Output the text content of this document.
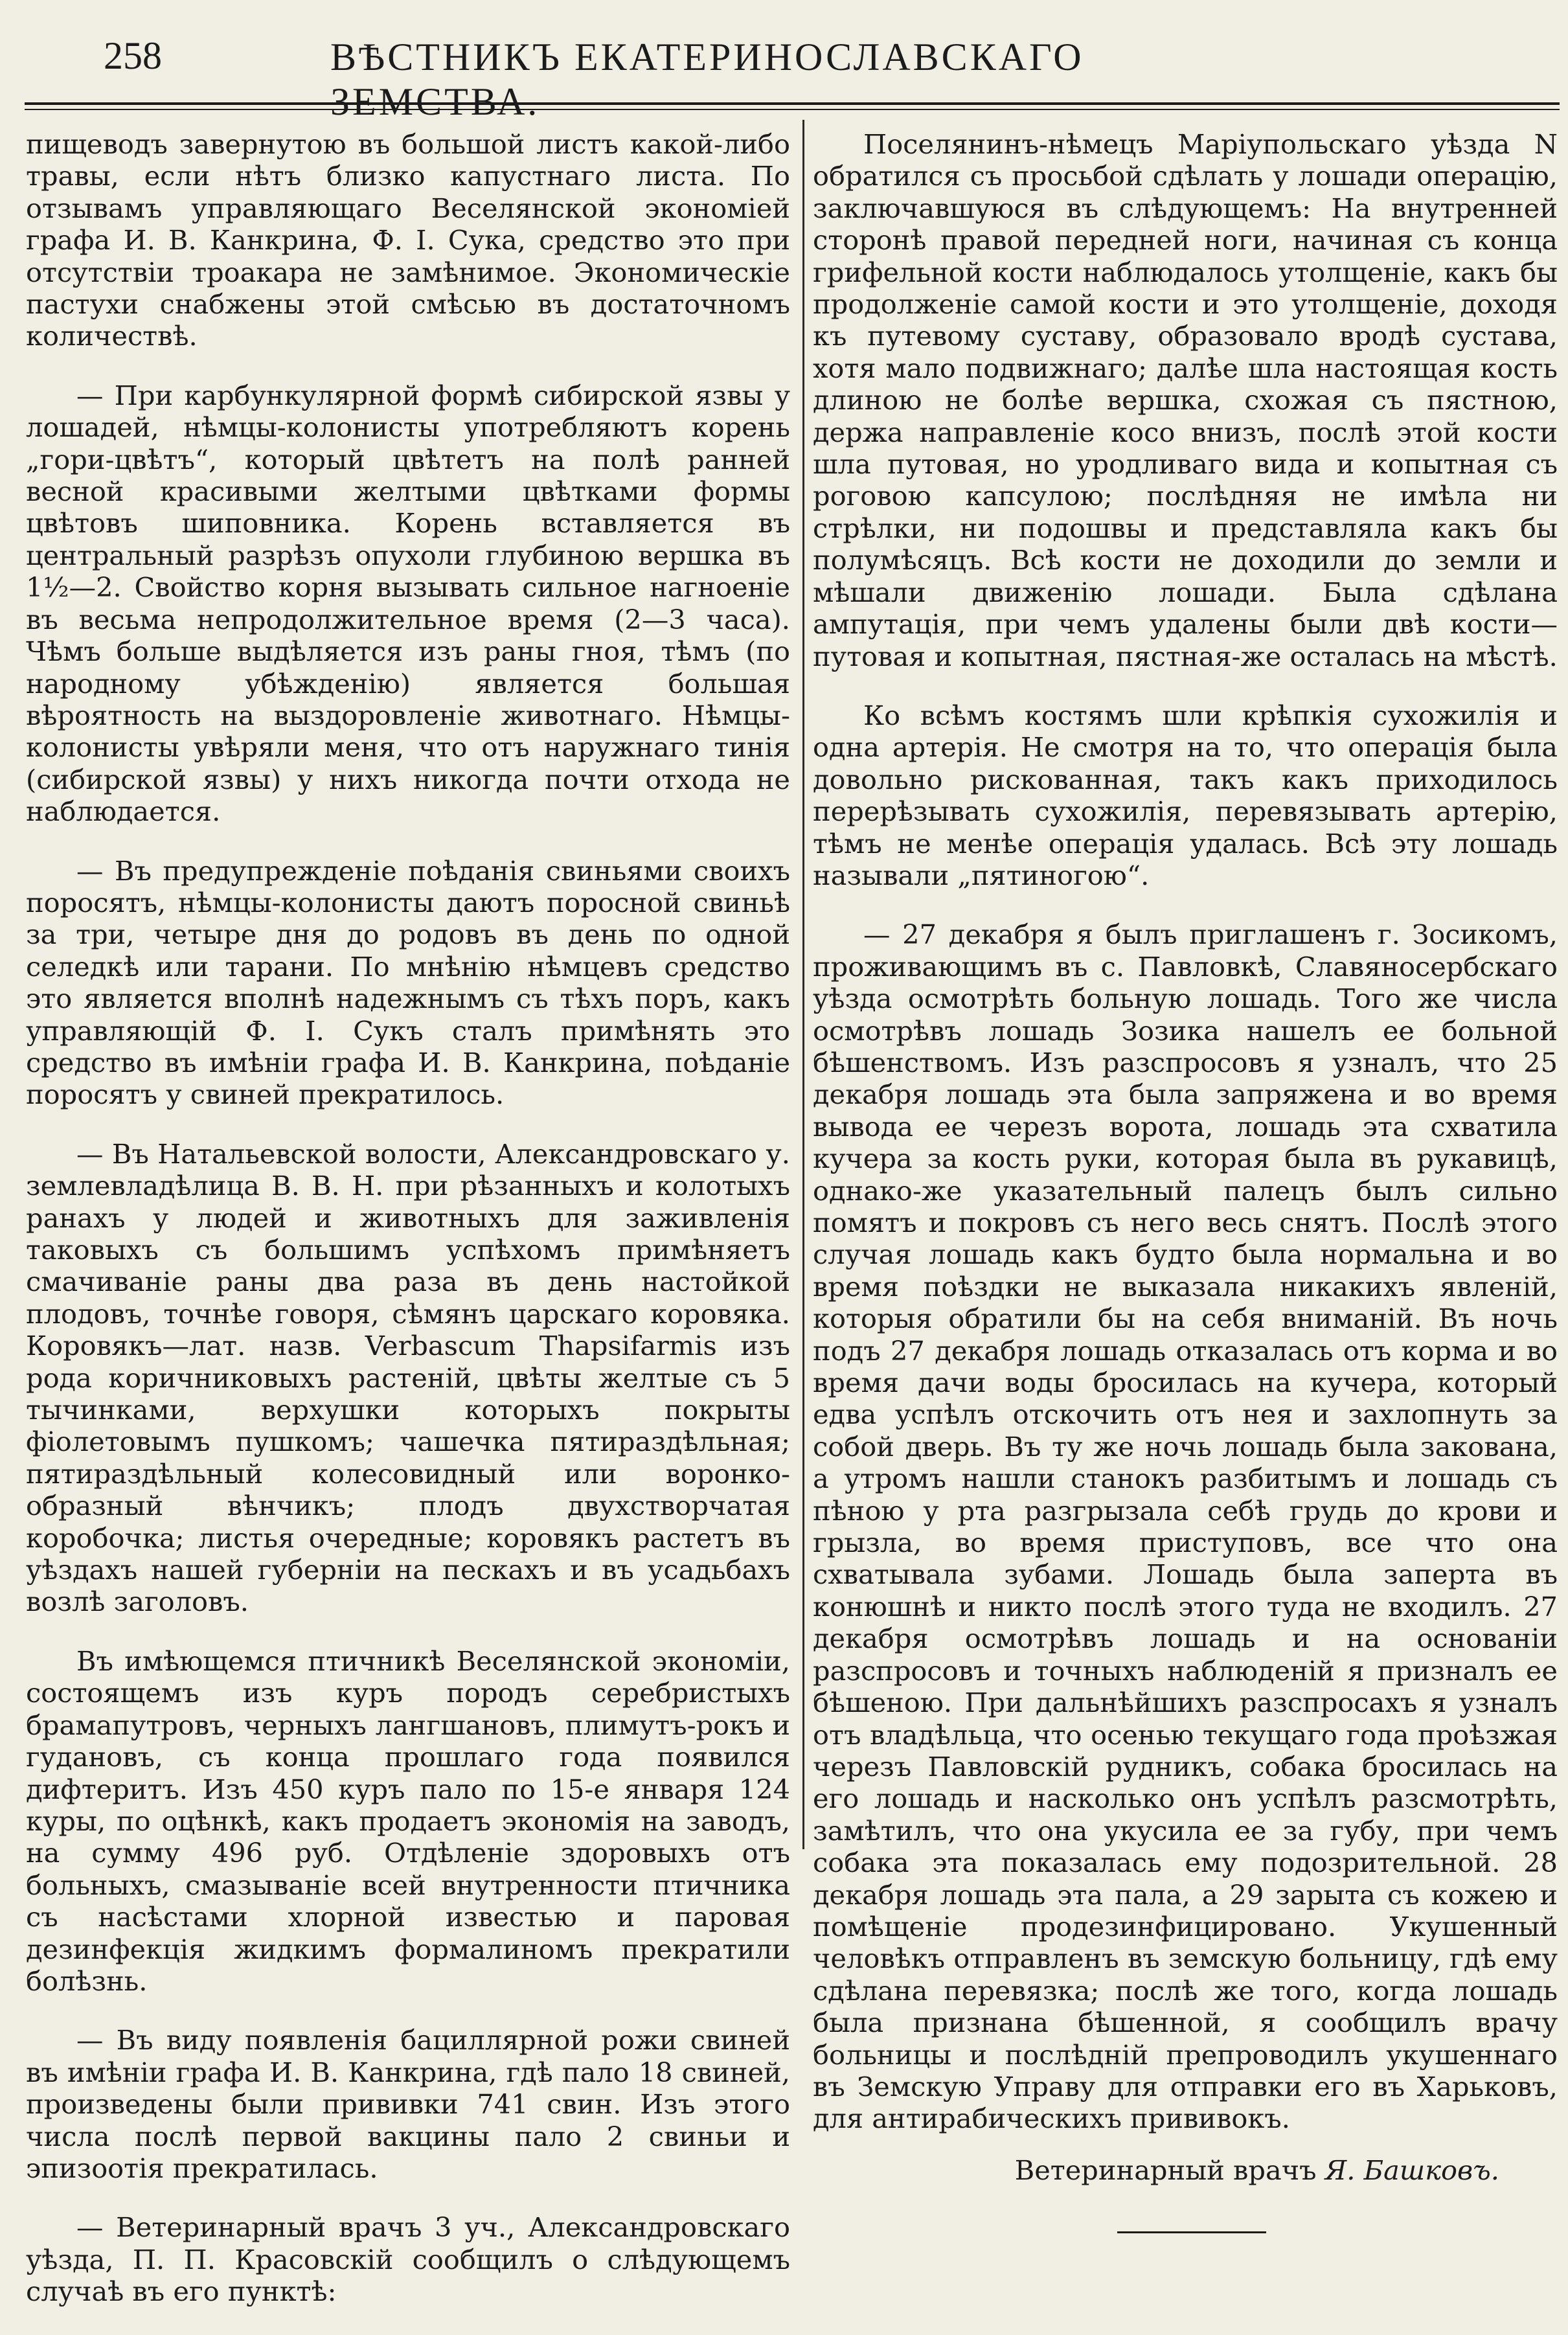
258	ВѢСТНИКЪ ЕКАТЕРИНОСЛАВСКАГО ЗЕМСТВА.

пищеводъ завернутою въ большой листъ какой-либо травы, если нѣтъ близко капустнаго листа. По отзывамъ управляющаго Веселянской экономіей графа И. В. Канкрина, Ф. І. Сука, средство это при отсутствіи троакара не замѣнимое. Экономическіе пастухи снабжены этой смѣсью въ достаточномъ количествѣ.

— При карбункулярной формѣ сибирской язвы у лошадей, нѣмцы-колонисты употребляютъ корень „гори-цвѣтъ“, который цвѣтетъ на полѣ ранней весной красивыми желтыми цвѣтками формы цвѣтовъ шиповника. Корень вставляется въ центральный разрѣзъ опухоли глубиною вершка въ 1½—2. Свойство корня вызывать сильное нагноеніе въ весьма непродолжительное время (2—3 часа). Чѣмъ больше выдѣляется изъ раны гноя, тѣмъ (по народному убѣжденію) является большая вѣроятность на выздоровленіе животнаго. Нѣмцы-колонисты увѣряли меня, что отъ наружнаго тинія (сибирской язвы) у нихъ никогда почти отхода не наблюдается.

— Въ предупрежденіе поѣданія свиньями своихъ поросятъ, нѣмцы-колонисты даютъ поросной свиньѣ за три, четыре дня до родовъ въ день по одной селедкѣ или тарани. По мнѣнію нѣмцевъ средство это является вполнѣ надежнымъ съ тѣхъ поръ, какъ управляющій Ф. І. Сукъ сталъ примѣнять это средство въ имѣніи графа И. В. Канкрина, поѣданіе поросятъ у свиней прекратилось.

— Въ Натальевской волости, Александровскаго у. землевладѣлица В. В. Н. при рѣзанныхъ и колотыхъ ранахъ у людей и животныхъ для заживленія таковыхъ съ большимъ успѣхомъ примѣняетъ смачиваніе раны два раза въ день настойкой плодовъ, точнѣе говоря, сѣмянъ царскаго коровяка. Коровякъ—лат. назв. Verbascum Thapsifarmis изъ рода коричниковыхъ растеній, цвѣты желтые съ 5 тычинками, верхушки которыхъ покрыты фіолетовымъ пушкомъ; чашечка пятираздѣльная; пятираздѣльный колесовидный или воронко-образный вѣнчикъ; плодъ двухстворчатая коробочка; листья очередные; коровякъ растетъ въ уѣздахъ нашей губерніи на пескахъ и въ усадьбахъ возлѣ заголовъ.

Въ имѣющемся птичникѣ Веселянской экономіи, состоящемъ изъ куръ породъ серебристыхъ брамапутровъ, черныхъ лангшановъ, плимутъ-рокъ и гудановъ, съ конца прошлаго года появился дифтеритъ. Изъ 450 куръ пало по 15-е января 124 куры, по оцѣнкѣ, какъ продаетъ экономія на заводъ, на сумму 496 руб. Отдѣленіе здоровыхъ отъ больныхъ, смазываніе всей внутренности птичника съ насѣстами хлорной известью и паровая дезинфекція жидкимъ формалиномъ прекратили болѣзнь.

— Въ виду появленія бациллярной рожи свиней въ имѣніи графа И. В. Канкрина, гдѣ пало 18 свиней, произведены были прививки 741 свин. Изъ этого числа послѣ первой вакцины пало 2 свиньи и эпизоотія прекратилась.

— Ветеринарный врачъ 3 уч., Александровскаго уѣзда, П. П. Красовскій сообщилъ о слѣдующемъ случаѣ въ его пунктѣ:

Поселянинъ-нѣмецъ Маріупольскаго уѣзда N обратился съ просьбой сдѣлать у лошади операцію, заключавшуюся въ слѣдующемъ: На внутренней сторонѣ правой передней ноги, начиная съ конца грифельной кости наблюдалось утолщеніе, какъ бы продолженіе самой кости и это утолщеніе, доходя къ путевому суставу, образовало вродѣ сустава, хотя мало подвижнаго; далѣе шла настоящая кость длиною не болѣе вершка, схожая съ пястною, держа направленіе косо внизъ, послѣ этой кости шла путовая, но уродливаго вида и копытная съ роговою капсулою; послѣдняя не имѣла ни стрѣлки, ни подошвы и представляла какъ бы полумѣсяцъ. Всѣ кости не доходили до земли и мѣшали движенію лошади. Была сдѣлана ампутація, при чемъ удалены были двѣ кости—путовая и копытная, пястная-же осталась на мѣстѣ.

Ко всѣмъ костямъ шли крѣпкія сухожилія и одна артерія. Не смотря на то, что операція была довольно рискованная, такъ какъ приходилось перерѣзывать сухожилія, перевязывать артерію, тѣмъ не менѣе операція удалась. Всѣ эту лошадь называли „пятиногою“.

— 27 декабря я былъ приглашенъ г. Зосикомъ, проживающимъ въ с. Павловкѣ, Славяносербскаго уѣзда осмотрѣть больную лошадь. Того же числа осмотрѣвъ лошадь Зозика нашелъ ее больной бѣшенствомъ. Изъ разспросовъ я узналъ, что 25 декабря лошадь эта была запряжена и во время вывода ее черезъ ворота, лошадь эта схватила кучера за кость руки, которая была въ рукавицѣ, однако-же указательный палецъ былъ сильно помятъ и покровъ съ него весь снятъ. Послѣ этого случая лошадь какъ будто была нормальна и во время поѣздки не выказала никакихъ явленій, которыя обратили бы на себя вниманій. Въ ночь подъ 27 декабря лошадь отказалась отъ корма и во время дачи воды бросилась на кучера, который едва успѣлъ отскочить отъ нея и захлопнуть за собой дверь. Въ ту же ночь лошадь была закована, а утромъ нашли станокъ разбитымъ и лошадь съ пѣною у рта разгрызала себѣ грудь до крови и грызла, во время приступовъ, все что она схватывала зубами. Лошадь была заперта въ конюшнѣ и никто послѣ этого туда не входилъ. 27 декабря осмотрѣвъ лошадь и на основаніи разспросовъ и точныхъ наблюденій я призналъ ее бѣшеною. При дальнѣйшихъ разспросахъ я узналъ отъ владѣльца, что осенью текущаго года проѣзжая черезъ Павловскій рудникъ, собака бросилась на его лошадь и насколько онъ успѣлъ разсмотрѣть, замѣтилъ, что она укусила ее за губу, при чемъ собака эта показалась ему подозрительной. 28 декабря лошадь эта пала, а 29 зарыта съ кожею и помѣщеніе продезинфицировано. Укушенный человѣкъ отправленъ въ земскую больницу, гдѣ ему сдѣлана перевязка; послѣ же того, когда лошадь была признана бѣшенной, я сообщилъ врачу больницы и послѣдній препроводилъ укушеннаго въ Земскую Управу для отправки его въ Харьковъ, для антирабическихъ прививокъ.

Ветеринарный врачъ Я. Башковъ.
